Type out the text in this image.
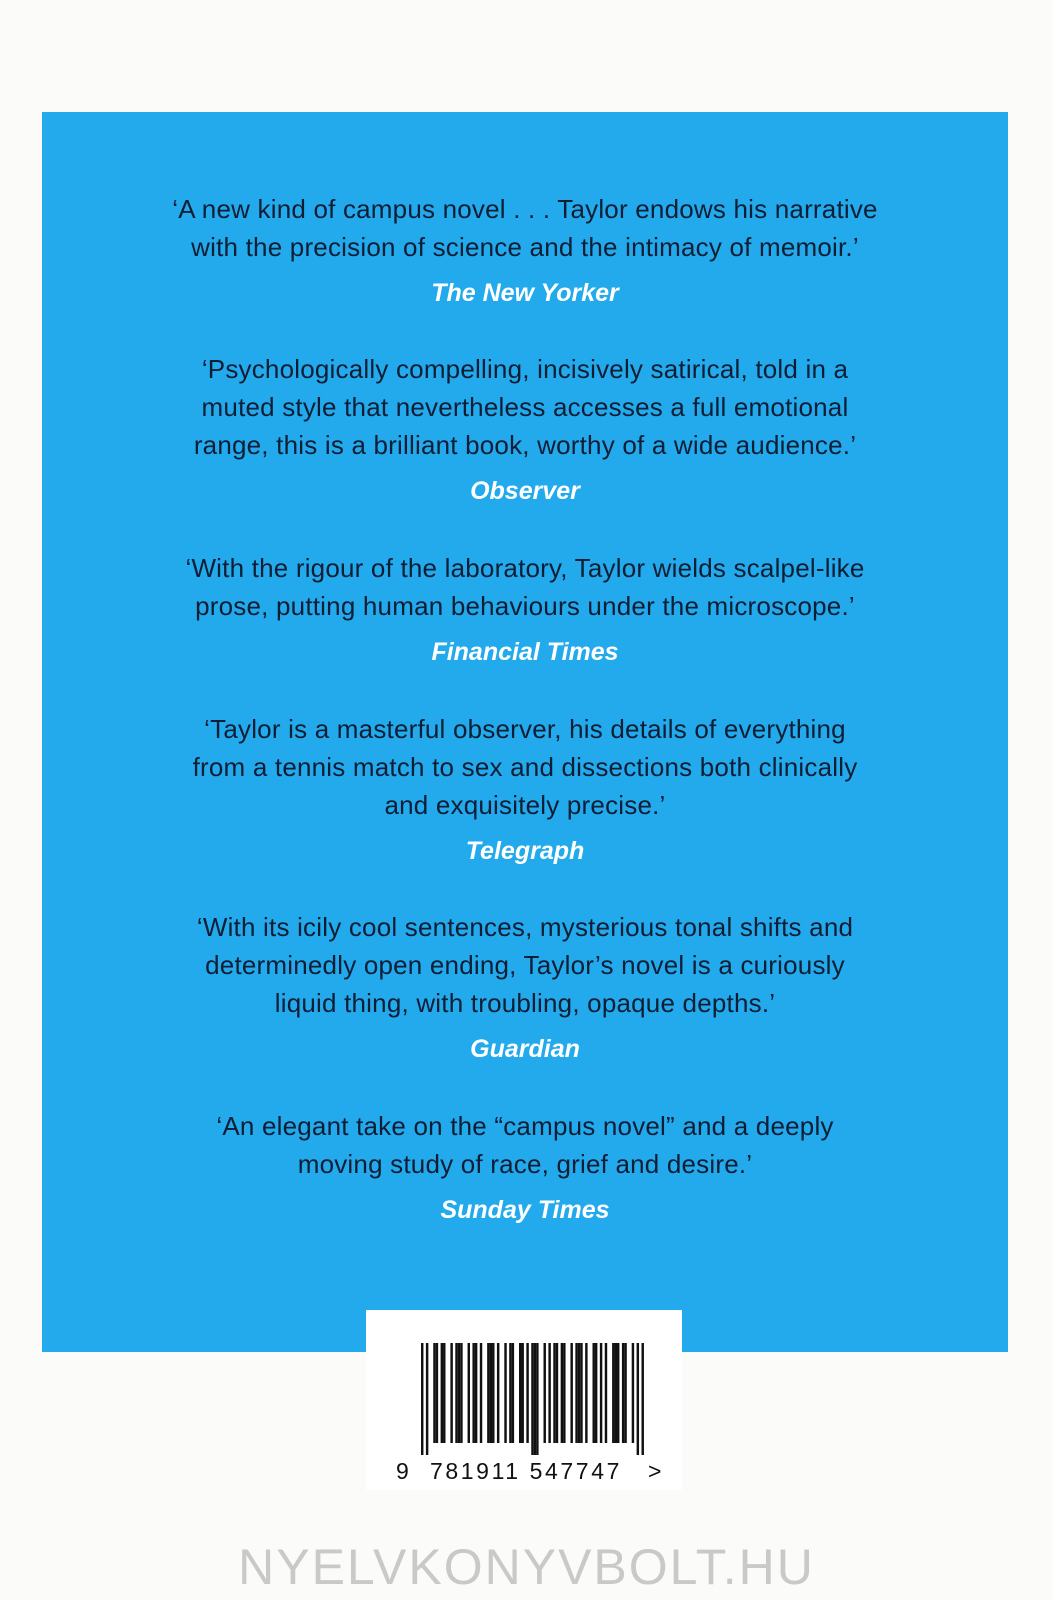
‘A new kind of campus novel . . . Taylor endows his narrative
with the precision of science and the intimacy of memoir.’

The New Yorker

‘Psychologically compelling, incisively satirical, told in a
muted style that nevertheless accesses a full emotional
range, this is a brilliant book, worthy of a wide audience.’

Observer

‘With the rigour of the laboratory, Taylor wields scalpel-like
prose, putting human behaviours under the microscope.’

Financial Times

‘Taylor is a masterful observer, his details of everything
from a tennis match to sex and dissections both clinically
and exquisitely precise.’

Telegraph

‘With its icily cool sentences, mysterious tonal shifts and
determinedly open ending, Taylor’s novel is a curiously
liquid thing, with troubling, opaque depths.’

Guardian

‘An elegant take on the “campus novel” and a deeply
moving study of race, grief and desire.’

Sunday Times

9 781911 547747 >
NYELVKONYVBOLT.HU
